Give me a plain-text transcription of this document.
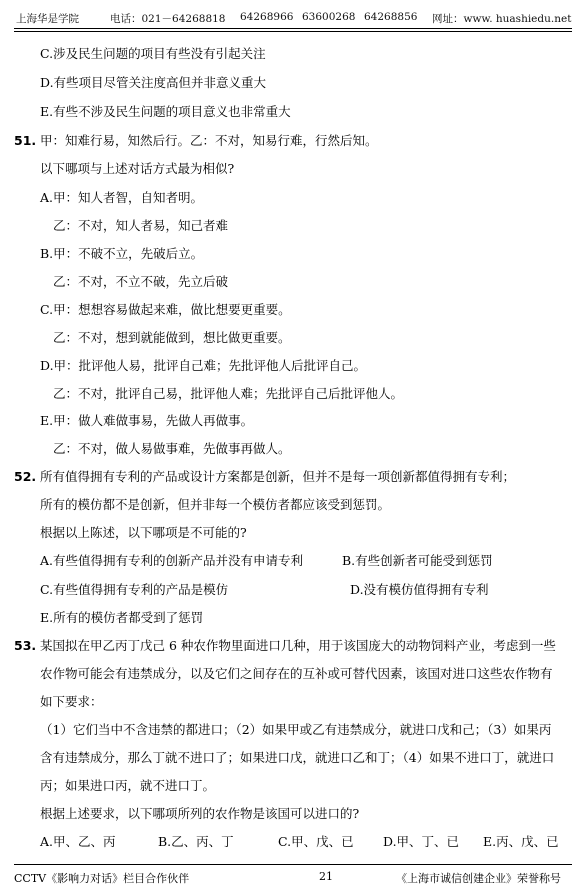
上海华是学院	电话：021－64268818 64268966 63600268 64268856 网址：www. huashiedu.net
C.涉及民生问题的项目有些没有引起关注
D.有些项目尽管关注度高但并非意义重大
E.有些不涉及民生问题的项目意义也非常重大
51. 甲：知难行易，知然后行。乙：不对，知易行难，行然后知。
以下哪项与上述对话方式最为相似?
A.甲：知人者智，自知者明。
乙：不对，知人者易，知己者难
B.甲：不破不立，先破后立。
乙：不对，不立不破，先立后破
C.甲：想想容易做起来难，做比想要更重要。
乙：不对，想到就能做到，想比做更重要。
D.甲：批评他人易，批评自己难；先批评他人后批评自己。
乙：不对，批评自己易，批评他人难；先批评自己后批评他人。
E.甲：做人难做事易，先做人再做事。
乙：不对，做人易做事难，先做事再做人。
52. 所有值得拥有专利的产品或设计方案都是创新，但并不是每一项创新都值得拥有专利；
所有的模仿都不是创新，但并非每一个模仿者都应该受到惩罚。
根据以上陈述，以下哪项是不可能的?
A.有些值得拥有专利的创新产品并没有申请专利	B.有些创新者可能受到惩罚
C.有些值得拥有专利的产品是模仿	D.没有模仿值得拥有专利
E.所有的模仿者都受到了惩罚
53. 某国拟在甲乙丙丁戊己 6 种农作物里面进口几种，用于该国庞大的动物饲料产业，考虑到一些
农作物可能会有违禁成分，以及它们之间存在的互补或可替代因素，该国对进口这些农作物有
如下要求：
（1）它们当中不含违禁的都进口；（2）如果甲或乙有违禁成分，就进口戊和己；（3）如果丙
含有违禁成分，那么丁就不进口了；如果进口戊，就进口乙和丁；（4）如果不进口丁，就进口
丙；如果进口丙，就不进口丁。
根据上述要求，以下哪项所列的农作物是该国可以进口的?
A.甲、乙、丙	B.乙、丙、丁	C.甲、戊、已 D.甲、丁、已 E.丙、戊、已
CCTV《影响力对话》栏目合作伙伴	21	《上海市诚信创建企业》荣誉称号
